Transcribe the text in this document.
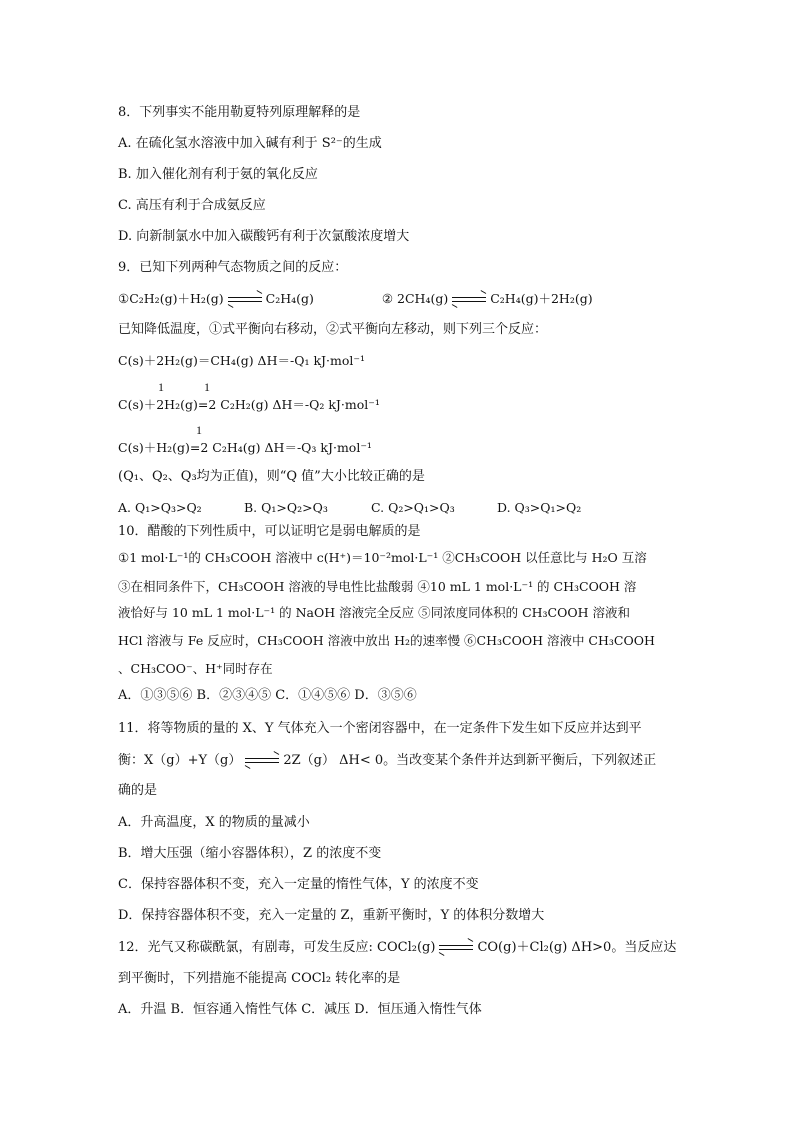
8．下列事实不能用勒夏特列原理解释的是
A. 在硫化氢水溶液中加入碱有利于 S²⁻的生成
B. 加入催化剂有利于氨的氧化反应
C. 高压有利于合成氨反应
D. 向新制氯水中加入碳酸钙有利于次氯酸浓度增大
9．已知下列两种气态物质之间的反应：
①C₂H₂(g)＋H₂(g)	C₂H₄(g)	② 2CH₄(g)	C₂H₄(g)＋2H₂(g)
已知降低温度，①式平衡向右移动，②式平衡向左移动，则下列三个反应：
C(s)＋2H₂(g)＝CH₄(g) ΔH＝-Q₁ kJ·mol⁻¹
1	1
C(s)＋2H₂(g)=2 C₂H₂(g) ΔH＝-Q₂ kJ·mol⁻¹
1
C(s)＋H₂(g)=2 C₂H₄(g) ΔH＝-Q₃ kJ·mol⁻¹
(Q₁、Q₂、Q₃均为正值)，则“Q 值”大小比较正确的是
A. Q₁>Q₃>Q₂	B. Q₁>Q₂>Q₃	C. Q₂>Q₁>Q₃	D. Q₃>Q₁>Q₂
10．醋酸的下列性质中，可以证明它是弱电解质的是
①1 mol·L⁻¹的 CH₃COOH 溶液中 c(H⁺)＝10⁻²mol·L⁻¹ ②CH₃COOH 以任意比与 H₂O 互溶
③在相同条件下，CH₃COOH 溶液的导电性比盐酸弱 ④10 mL 1 mol·L⁻¹ 的 CH₃COOH 溶
液恰好与 10 mL 1 mol·L⁻¹ 的 NaOH 溶液完全反应 ⑤同浓度同体积的 CH₃COOH 溶液和
HCl 溶液与 Fe 反应时，CH₃COOH 溶液中放出 H₂的速率慢 ⑥CH₃COOH 溶液中 CH₃COOH
、CH₃COO⁻、H⁺同时存在
A．①③⑤⑥ B．②③④⑤ C．①④⑤⑥ D．③⑤⑥
11．将等物质的量的 X、Y 气体充入一个密闭容器中，在一定条件下发生如下反应并达到平
衡：X（g）+Y（g）	2Z（g） ΔH< 0。当改变某个条件并达到新平衡后，下列叙述正
确的是
A．升高温度，X 的物质的量减小
B．增大压强（缩小容器体积），Z 的浓度不变
C．保持容器体积不变，充入一定量的惰性气体，Y 的浓度不变
D．保持容器体积不变，充入一定量的 Z，重新平衡时，Y 的体积分数增大
12．光气又称碳酰氯，有剧毒，可发生反应: COCl₂(g)	CO(g)＋Cl₂(g) ΔH>0。当反应达
到平衡时，下列措施不能提高 COCl₂ 转化率的是
A．升温 B．恒容通入惰性气体 C．减压 D．恒压通入惰性气体
